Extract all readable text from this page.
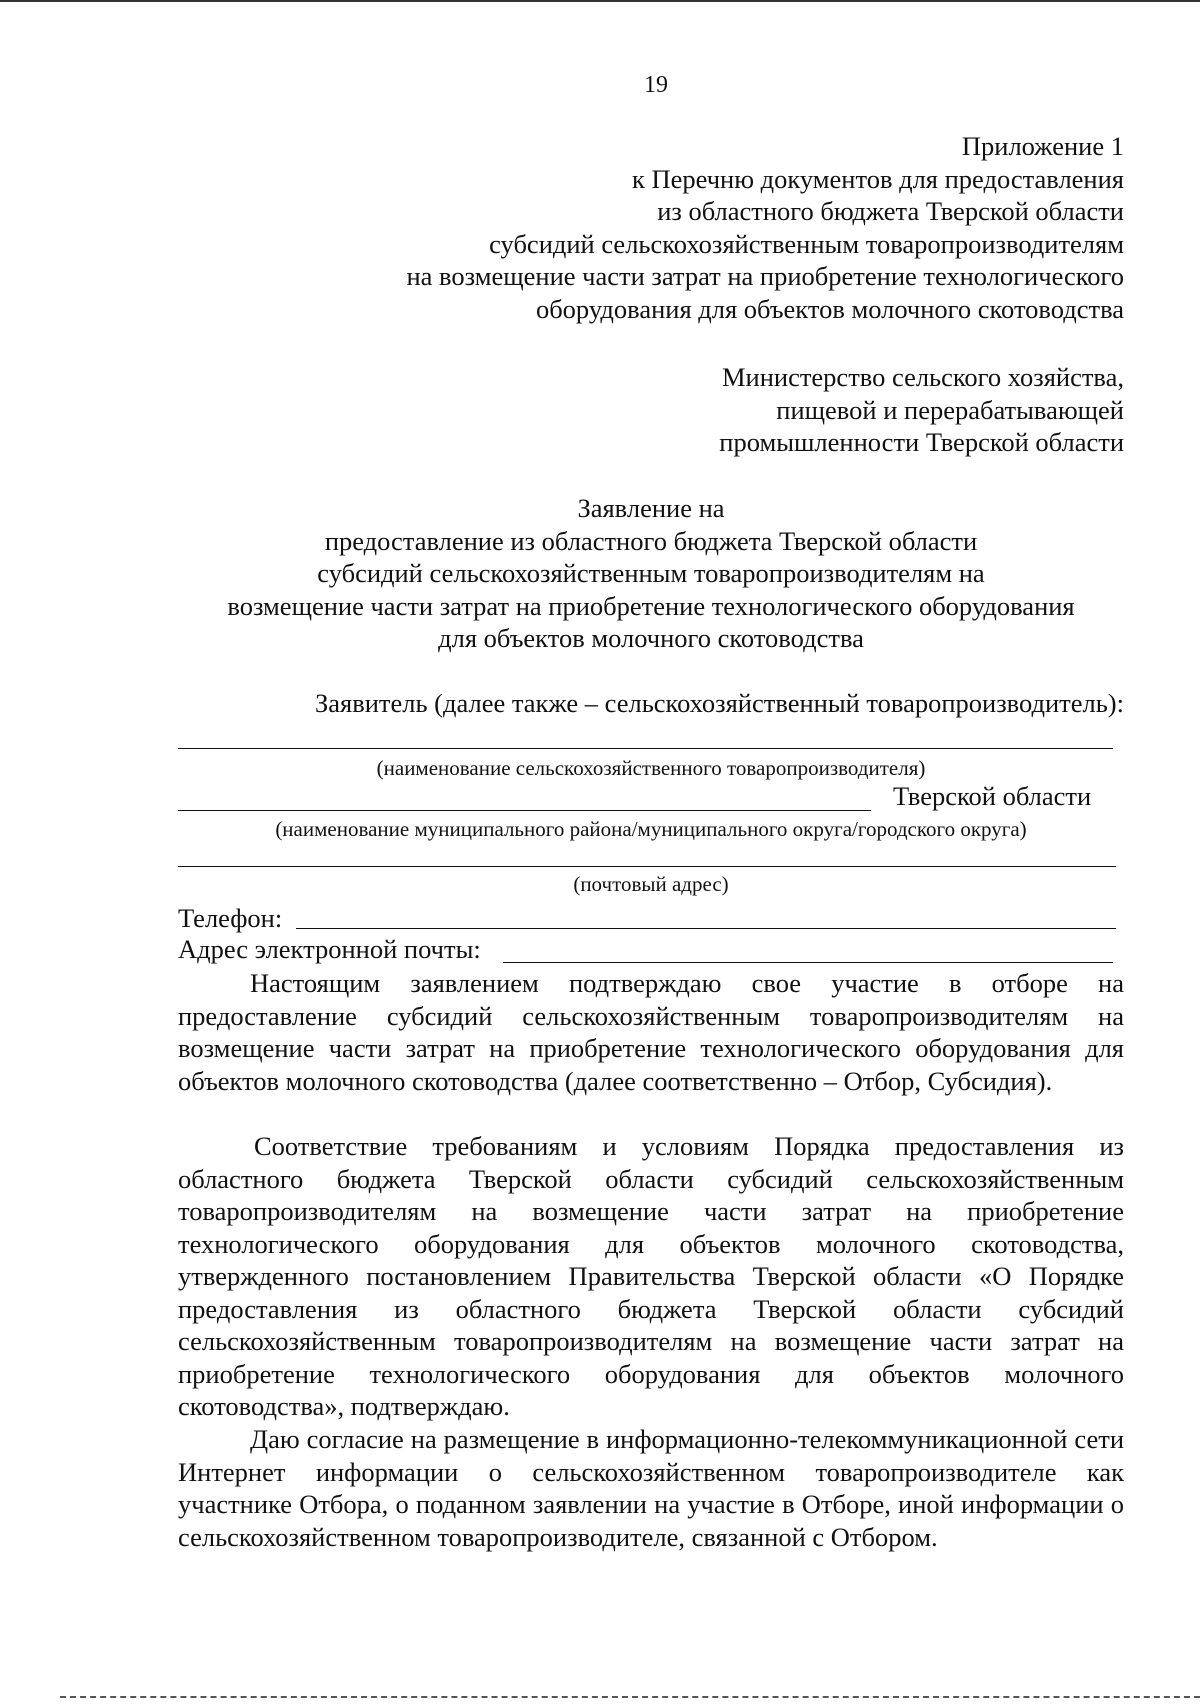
19
Приложение 1
к Перечню документов для предоставления
из областного бюджета Тверской области
субсидий сельскохозяйственным товаропроизводителям
на возмещение части затрат на приобретение технологического
оборудования для объектов молочного скотоводства
Министерство сельского хозяйства,
пищевой и перерабатывающей
промышленности Тверской области
Заявление на
предоставление из областного бюджета Тверской области
субсидий сельскохозяйственным товаропроизводителям на
возмещение части затрат на приобретение технологического оборудования
для объектов молочного скотоводства
Заявитель (далее также – сельскохозяйственный товаропроизводитель):
(наименование сельскохозяйственного товаропроизводителя)
Тверской области
(наименование муниципального района/муниципального округа/городского округа)
(почтовый адрес)
Телефон:
Адрес электронной почты:
Настоящим заявлением подтверждаю свое участие в отборе на предоставление субсидий сельскохозяйственным товаропроизводителям на возмещение части затрат на приобретение технологического оборудования для объектов молочного скотоводства (далее соответственно – Отбор, Субсидия).
Соответствие требованиям и условиям Порядка предоставления из областного бюджета Тверской области субсидий сельскохозяйственным товаропроизводителям на возмещение части затрат на приобретение технологического оборудования для объектов молочного скотоводства, утвержденного постановлением Правительства Тверской области «О Порядке предоставления из областного бюджета Тверской области субсидий сельскохозяйственным товаропроизводителям на возмещение части затрат на приобретение технологического оборудования для объектов молочного скотоводства», подтверждаю.
Даю согласие на размещение в информационно-телекоммуникационной сети Интернет информации о сельскохозяйственном товаропроизводителе как участнике Отбора, о поданном заявлении на участие в Отборе, иной информации о сельскохозяйственном товаропроизводителе, связанной с Отбором.
